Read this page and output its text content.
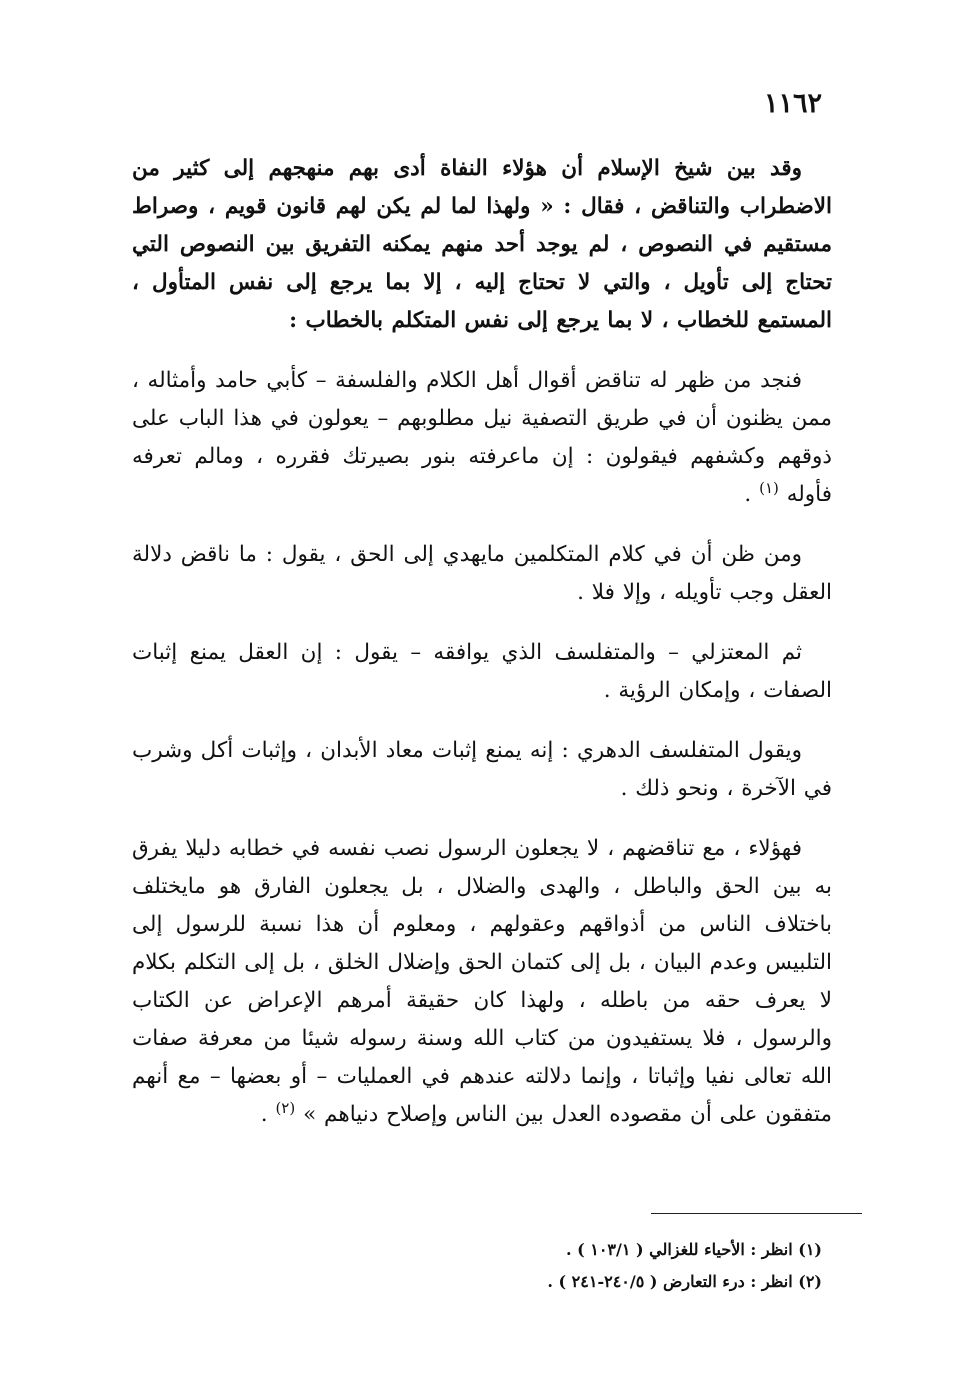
١١٦٢

وقد بين شيخ الإسلام أن هؤلاء النفاة أدى بهم منهجهم إلى كثير من الاضطراب والتناقض ، فقال : « ولهذا لما لم يكن لهم قانون قويم ، وصراط مستقيم في النصوص ، لم يوجد أحد منهم يمكنه التفريق بين النصوص التي تحتاج إلى تأويل ، والتي لا تحتاج إليه ، إلا بما يرجع إلى نفس المتأول ، المستمع للخطاب ، لا بما يرجع إلى نفس المتكلم بالخطاب :

فنجد من ظهر له تناقض أقوال أهل الكلام والفلسفة – كأبي حامد وأمثاله ، ممن يظنون أن في طريق التصفية نيل مطلوبهم – يعولون في هذا الباب على ذوقهم وكشفهم فيقولون : إن ماعرفته بنور بصيرتك فقرره ، ومالم تعرفه فأوله $^{(١)}$ .

ومن ظن أن في كلام المتكلمين مايهدي إلى الحق ، يقول : ما ناقض دلالة العقل وجب تأويله ، وإلا فلا .

ثم المعتزلي – والمتفلسف الذي يوافقه – يقول : إن العقل يمنع إثبات الصفات ، وإمكان الرؤية .

ويقول المتفلسف الدهري : إنه يمنع إثبات معاد الأبدان ، وإثبات أكل وشرب في الآخرة ، ونحو ذلك .

فهؤلاء ، مع تناقضهم ، لا يجعلون الرسول نصب نفسه في خطابه دليلا يفرق به بين الحق والباطل ، والهدى والضلال ، بل يجعلون الفارق هو مايختلف باختلاف الناس من أذواقهم وعقولهم ، ومعلوم أن هذا نسبة للرسول إلى التلبيس وعدم البيان ، بل إلى كتمان الحق وإضلال الخلق ، بل إلى التكلم بكلام لا يعرف حقه من باطله ، ولهذا كان حقيقة أمرهم الإعراض عن الكتاب والرسول ، فلا يستفيدون من كتاب الله وسنة رسوله شيئا من معرفة صفات الله تعالى نفيا وإثباتا ، وإنما دلالته عندهم في العمليات – أو بعضها – مع أنهم متفقون على أن مقصوده العدل بين الناس وإصلاح دنياهم » $^{(٢)}$ .

(١) انظر : الأحياء للغزالي ( ١٠٣/١ ) .

(٢) انظر : درء التعارض ( ٢٤٠/٥-٢٤١ ) .
